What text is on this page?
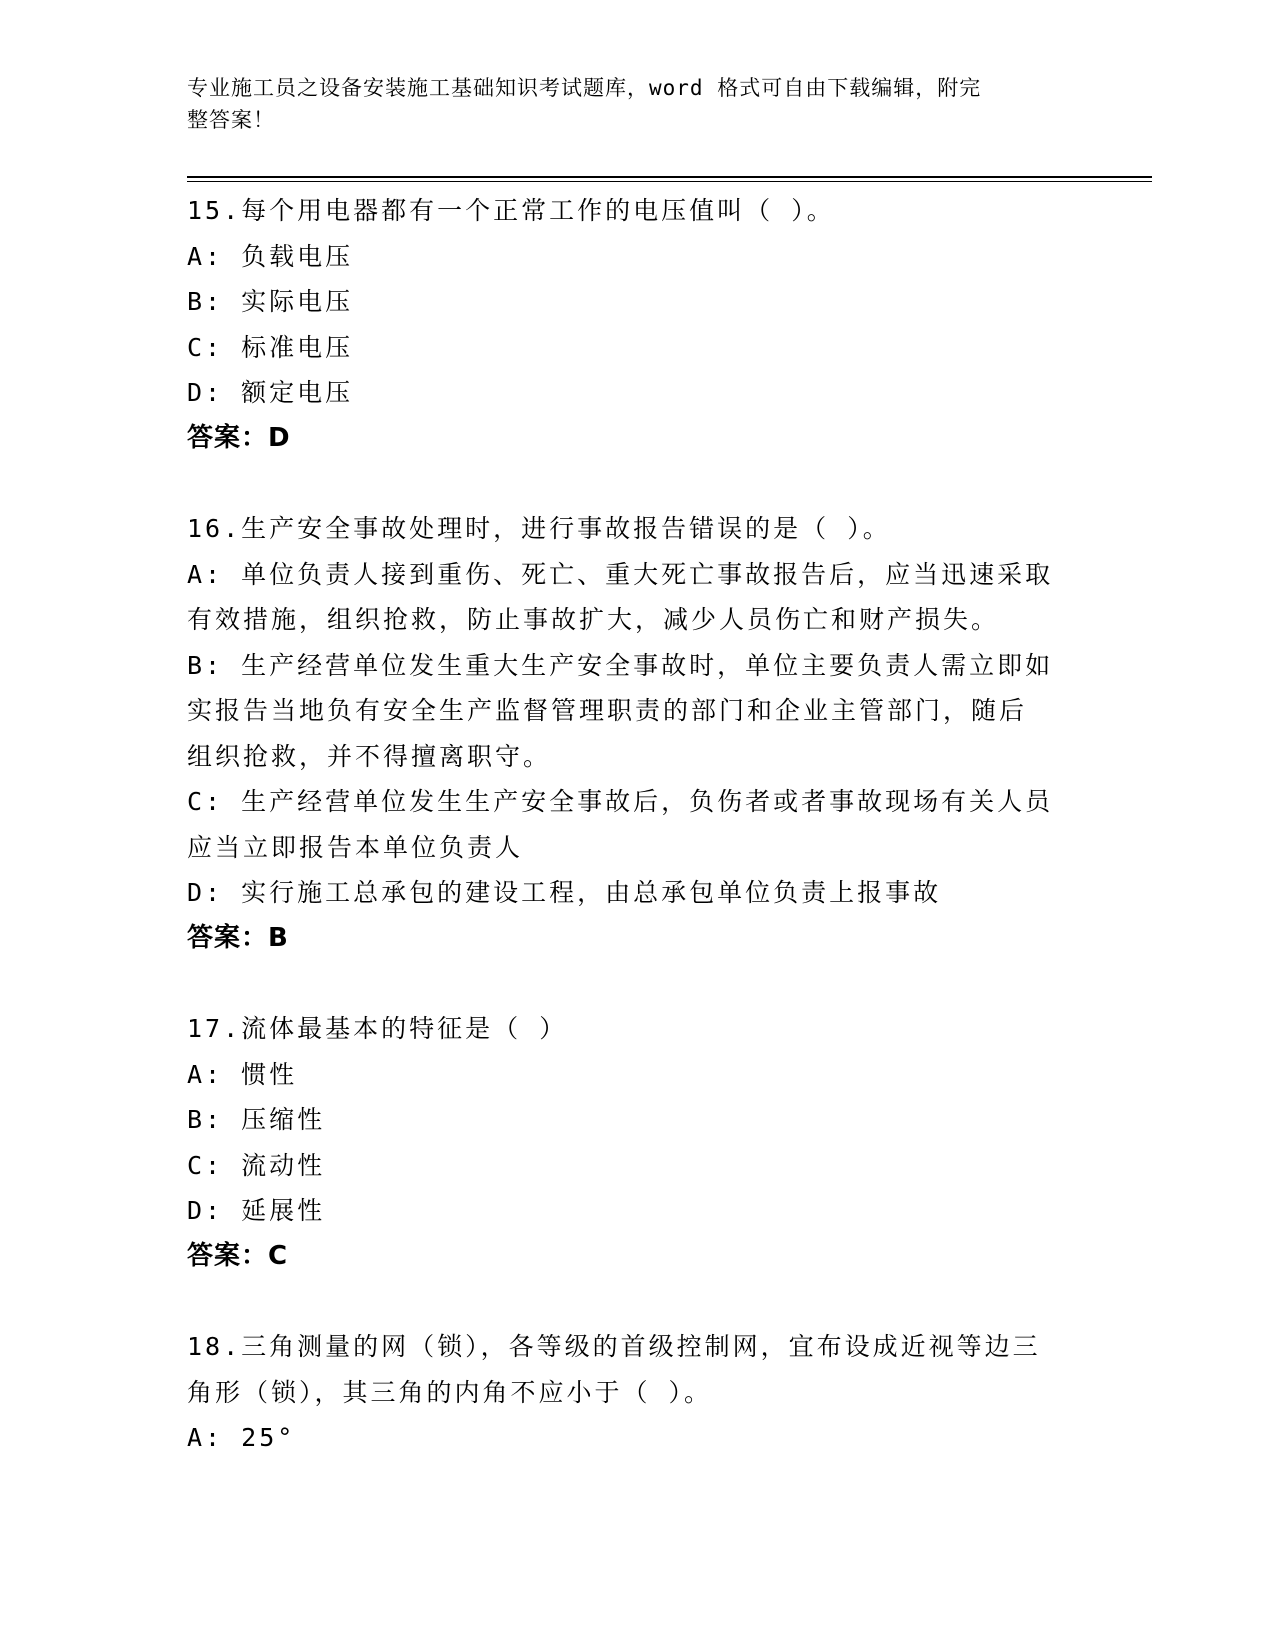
专业施工员之设备安装施工基础知识考试题库，word 格式可自由下载编辑，附完
整答案！
15.每个用电器都有一个正常工作的电压值叫（ ）。
A: 负载电压
B: 实际电压
C: 标准电压
D: 额定电压
答案：D
16.生产安全事故处理时，进行事故报告错误的是（ ）。
A: 单位负责人接到重伤、死亡、重大死亡事故报告后，应当迅速采取
有效措施，组织抢救，防止事故扩大，减少人员伤亡和财产损失。
B: 生产经营单位发生重大生产安全事故时，单位主要负责人需立即如
实报告当地负有安全生产监督管理职责的部门和企业主管部门，随后
组织抢救，并不得擅离职守。
C: 生产经营单位发生生产安全事故后，负伤者或者事故现场有关人员
应当立即报告本单位负责人
D: 实行施工总承包的建设工程，由总承包单位负责上报事故
答案：B
17.流体最基本的特征是（ ）
A: 惯性
B: 压缩性
C: 流动性
D: 延展性
答案：C
18.三角测量的网（锁），各等级的首级控制网，宜布设成近视等边三
角形（锁），其三角的内角不应小于（ ）。
A: 25°
